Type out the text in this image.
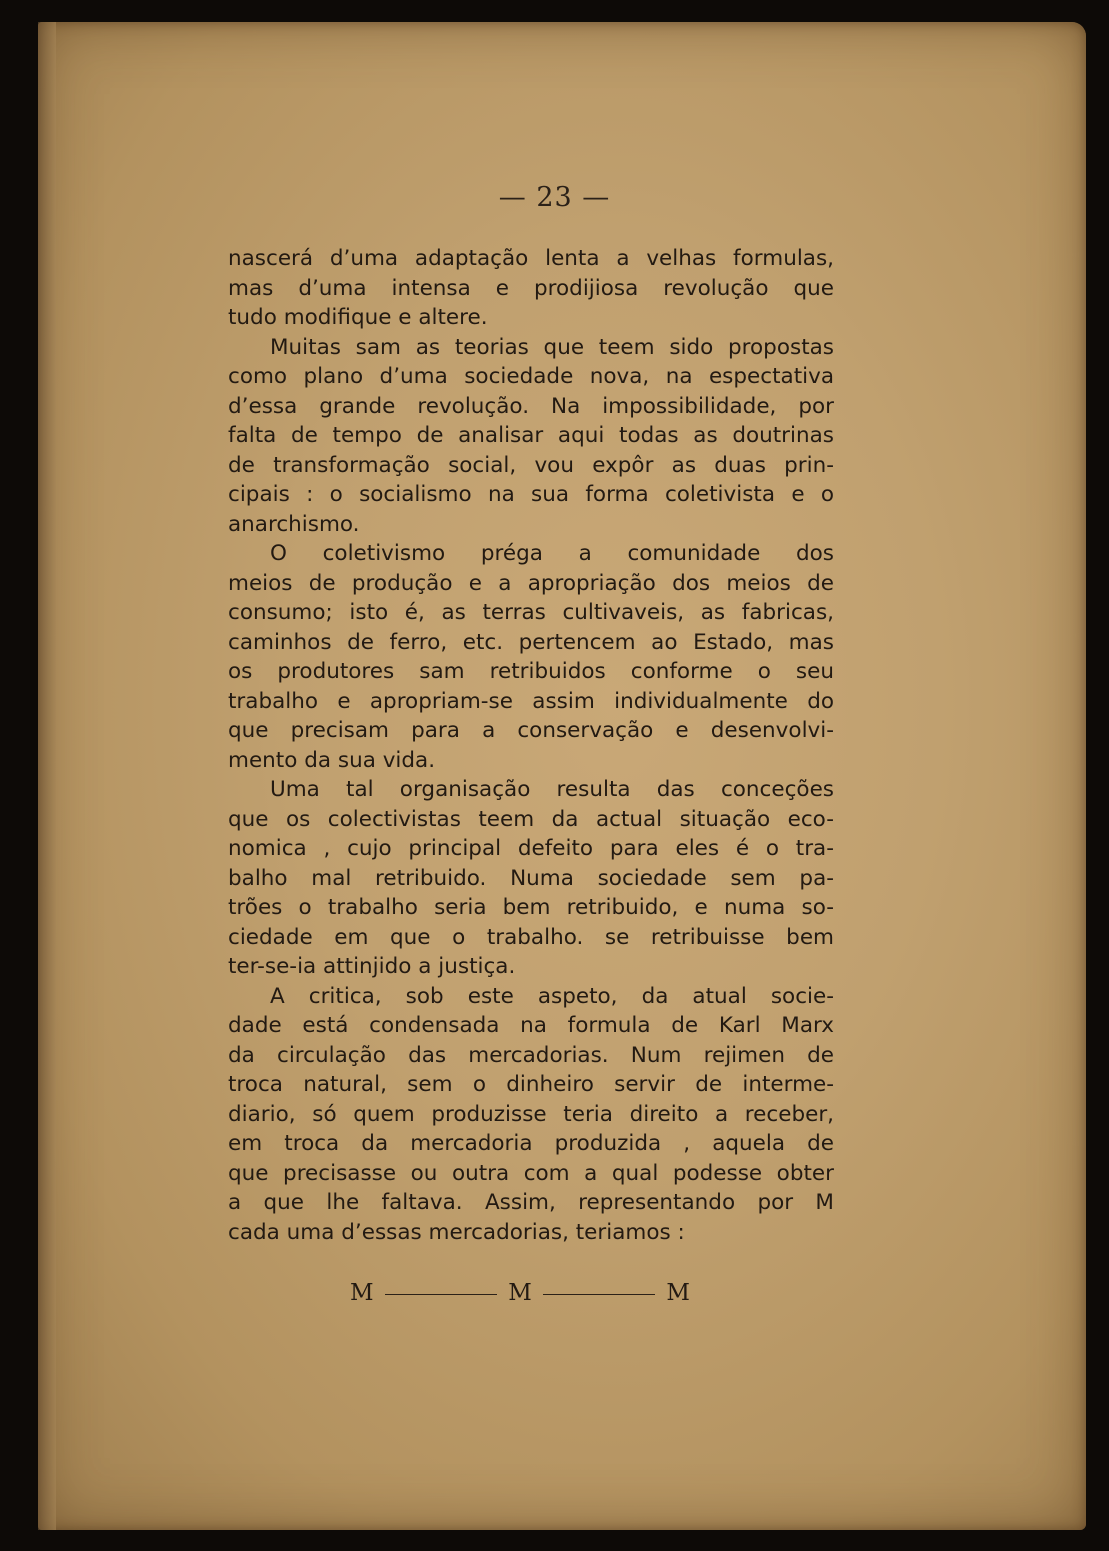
— 23 —

nascerá d’uma adaptação lenta a velhas formulas,
mas d’uma intensa e prodijiosa revolução que
tudo modifique e altere.

Muitas sam as teorias que teem sido propostas
como plano d’uma sociedade nova, na espectativa
d’essa grande revolução. Na impossibilidade, por
falta de tempo de analisar aqui todas as doutrinas
de transformação social, vou expôr as duas prin-
cipais : o socialismo na sua forma coletivista e o
anarchismo.

O coletivismo préga a comunidade dos
meios de produção e a apropriação dos meios de
consumo; isto é, as terras cultivaveis, as fabricas,
caminhos de ferro, etc. pertencem ao Estado, mas
os produtores sam retribuidos conforme o seu
trabalho e apropriam-se assim individualmente do
que precisam para a conservação e desenvolvi-
mento da sua vida.

Uma tal organisação resulta das conceções
que os colectivistas teem da actual situação eco-
nomica , cujo principal defeito para eles é o tra-
balho mal retribuido. Numa sociedade sem pa-
trões o trabalho seria bem retribuido, e numa so-
ciedade em que o trabalho. se retribuisse bem
ter-se-ia attinjido a justiça.

A critica, sob este aspeto, da atual socie-
dade está condensada na formula de Karl Marx
da circulação das mercadorias. Num rejimen de
troca natural, sem o dinheiro servir de interme-
diario, só quem produzisse teria direito a receber,
em troca da mercadoria produzida , aquela de
que precisasse ou outra com a qual podesse obter
a que lhe faltava. Assim, representando por M
cada uma d’essas mercadorias, teriamos :

M	M	M
